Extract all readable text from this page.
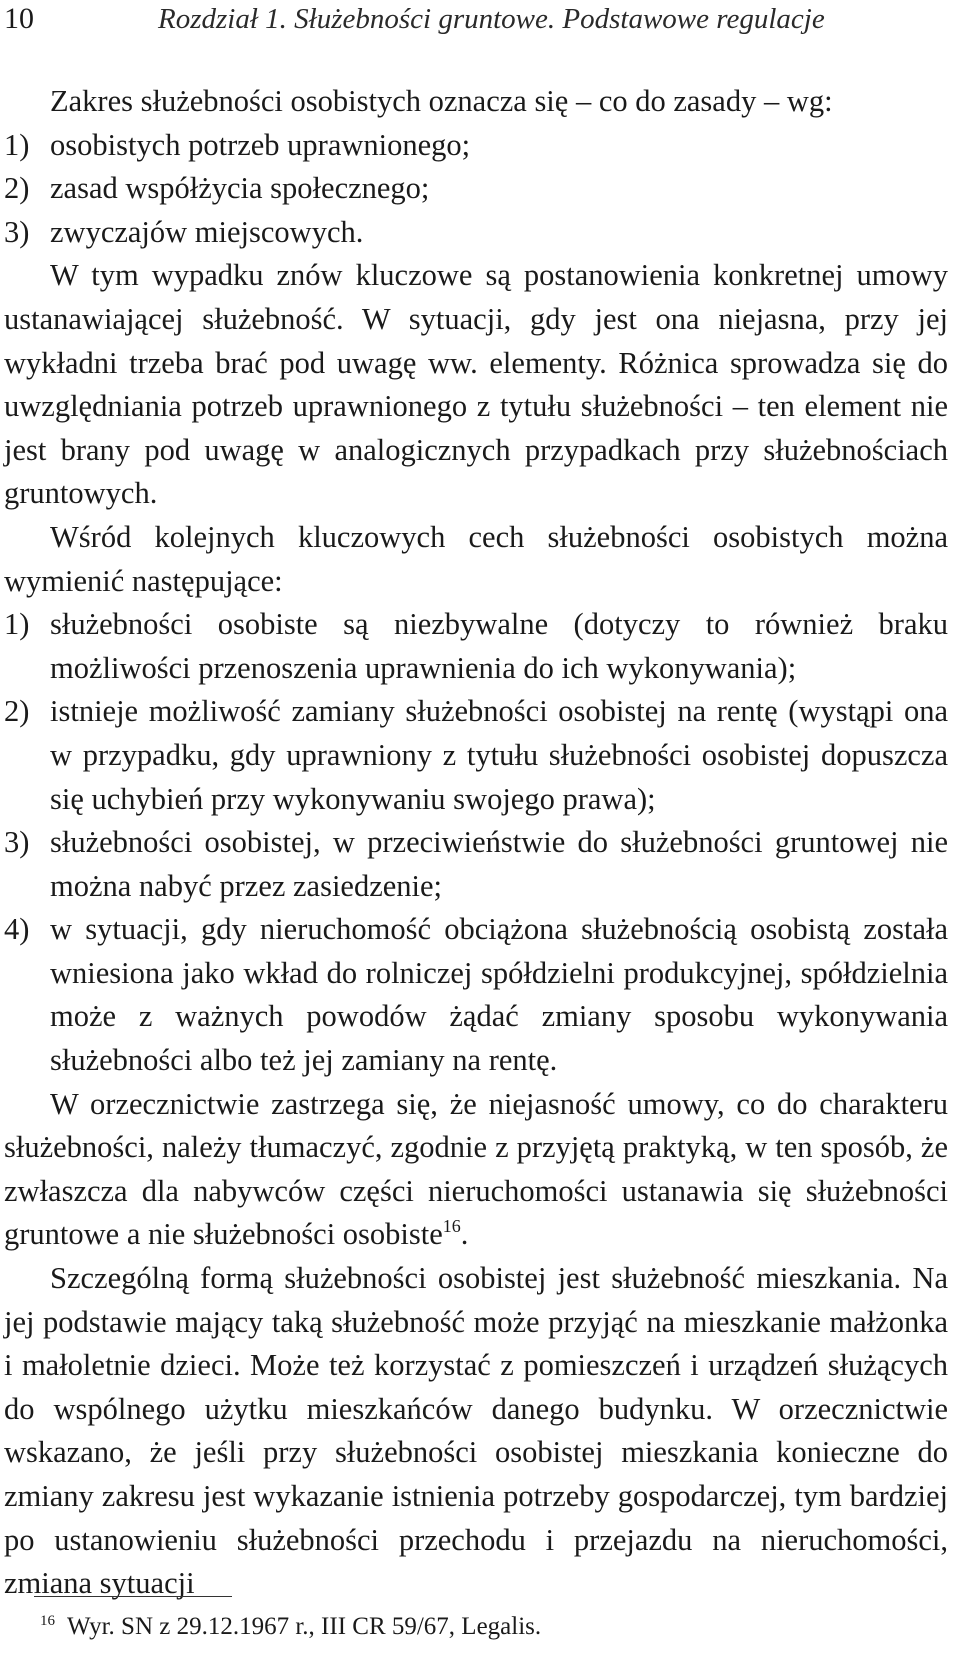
10	Rozdział 1. Służebności gruntowe. Podstawowe regulacje

Zakres służebności osobistych oznacza się – co do zasady – wg:

1) osobistych potrzeb uprawnionego;
2) zasad współżycia społecznego;
3) zwyczajów miejscowych.

W tym wypadku znów kluczowe są postanowienia konkretnej umowy ustanawiającej służebność. W sytuacji, gdy jest ona niejasna, przy jej wykładni trzeba brać pod uwagę ww. elementy. Różnica sprowadza się do uwzględniania potrzeb uprawnionego z tytułu służebności – ten element nie jest brany pod uwagę w analogicznych przypadkach przy służebnościach gruntowych.

Wśród kolejnych kluczowych cech służebności osobistych można wymienić następujące:

1) służebności osobiste są niezbywalne (dotyczy to również braku możliwości przenoszenia uprawnienia do ich wykonywania);
2) istnieje możliwość zamiany służebności osobistej na rentę (wystąpi ona w przypadku, gdy uprawniony z tytułu służebności osobistej dopuszcza się uchybień przy wykonywaniu swojego prawa);
3) służebności osobistej, w przeciwieństwie do służebności gruntowej nie można nabyć przez zasiedzenie;
4) w sytuacji, gdy nieruchomość obciążona służebnością osobistą została wniesiona jako wkład do rolniczej spółdzielni produkcyjnej, spółdzielnia może z ważnych powodów żądać zmiany sposobu wykonywania służebności albo też jej zamiany na rentę.

W orzecznictwie zastrzega się, że niejasność umowy, co do charakteru służebności, należy tłumaczyć, zgodnie z przyjętą praktyką, w ten sposób, że zwłaszcza dla nabywców części nieruchomości ustanawia się służebności gruntowe a nie służebności osobiste$^{16}$.

Szczególną formą służebności osobistej jest służebność mieszkania. Na jej podstawie mający taką służebność może przyjąć na mieszkanie małżonka i małoletnie dzieci. Może też korzystać z pomieszczeń i urządzeń służących do wspólnego użytku mieszkańców danego budynku. W orzecznictwie wskazano, że jeśli przy służebności osobistej mieszkania konieczne do zmiany zakresu jest wykazanie istnienia potrzeby gospodarczej, tym bardziej po ustanowieniu służebności przechodu i przejazdu na nieruchomości, zmiana sytuacji

$^{16}$ Wyr. SN z 29.12.1967 r., III CR 59/67, Legalis.
